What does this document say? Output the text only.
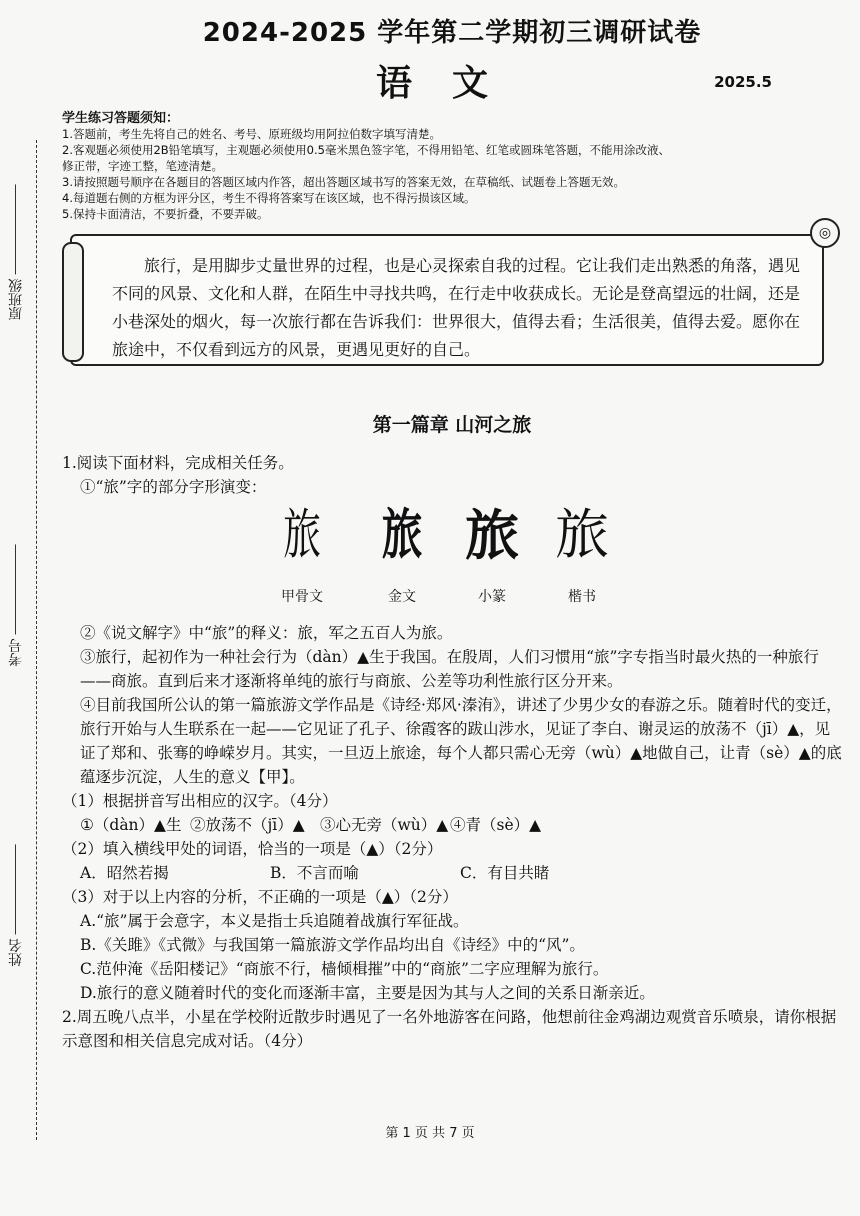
原班级
考号
姓名
2024-2025 学年第二学期初三调研试卷
语文	2025.5
学生练习答题须知：
1.答题前，考生先将自己的姓名、考号、原班级均用阿拉伯数字填写清楚。
2.客观题必须使用2B铅笔填写，主观题必须使用0.5毫米黑色签字笔，不得用铅笔、红笔或圆珠笔答题，不能用涂改液、
修正带，字迹工整，笔迹清楚。
3.请按照题号顺序在各题目的答题区域内作答，超出答题区域书写的答案无效，在草稿纸、试题卷上答题无效。
4.每道题右侧的方框为评分区，考生不得将答案写在该区域，也不得污损该区域。
5.保持卡面清洁，不要折叠，不要弄破。
◎
旅行，是用脚步丈量世界的过程，也是心灵探索自我的过程。它让我们走出熟悉的角落，遇见不同的风景、文化和人群，在陌生中寻找共鸣，在行走中收获成长。无论是登高望远的壮阔，还是小巷深处的烟火，每一次旅行都在告诉我们：世界很大，值得去看；生活很美，值得去爱。愿你在旅途中，不仅看到远方的风景，更遇见更好的自己。
第一篇章 山河之旅
1.阅读下面材料，完成相关任务。
①“旅”字的部分字形演变：
旅
甲骨文
旅
金文
旅
小篆
旅
楷书
②《说文解字》中“旅”的释义：旅，军之五百人为旅。
③旅行，起初作为一种社会行为（dàn）▲生于我国。在殷周，人们习惯用“旅”字专指当时最火热的一种旅行——商旅。直到后来才逐渐将单纯的旅行与商旅、公差等功利性旅行区分开来。
④目前我国所公认的第一篇旅游文学作品是《诗经·郑风·溱洧》，讲述了少男少女的春游之乐。随着时代的变迁，旅行开始与人生联系在一起——它见证了孔子、徐霞客的跋山涉水，见证了李白、谢灵运的放荡不（jī）▲，见证了郑和、张骞的峥嵘岁月。其实，一旦迈上旅途，每个人都只需心无旁（wù）▲地做自己，让青（sè）▲的底蕴逐步沉淀，人生的意义【甲】。
（1）根据拼音写出相应的汉字。（4分）
①（dàn）▲生 ②放荡不（jī）▲ ③心无旁（wù）▲ ④青（sè）▲
（2）填入横线甲处的词语，恰当的一项是（▲）（2分）
A．昭然若揭	B．不言而喻	C．有目共睹
（3）对于以上内容的分析，不正确的一项是（▲）（2分）
A.“旅”属于会意字，本义是指士兵追随着战旗行军征战。
B.《关雎》《式微》与我国第一篇旅游文学作品均出自《诗经》中的“风”。
C.范仲淹《岳阳楼记》“商旅不行，樯倾楫摧”中的“商旅”二字应理解为旅行。
D.旅行的意义随着时代的变化而逐渐丰富，主要是因为其与人之间的关系日渐亲近。
2.周五晚八点半，小星在学校附近散步时遇见了一名外地游客在问路，他想前往金鸡湖边观赏音乐喷泉，请你根据示意图和相关信息完成对话。（4分）
第 1 页 共 7 页
